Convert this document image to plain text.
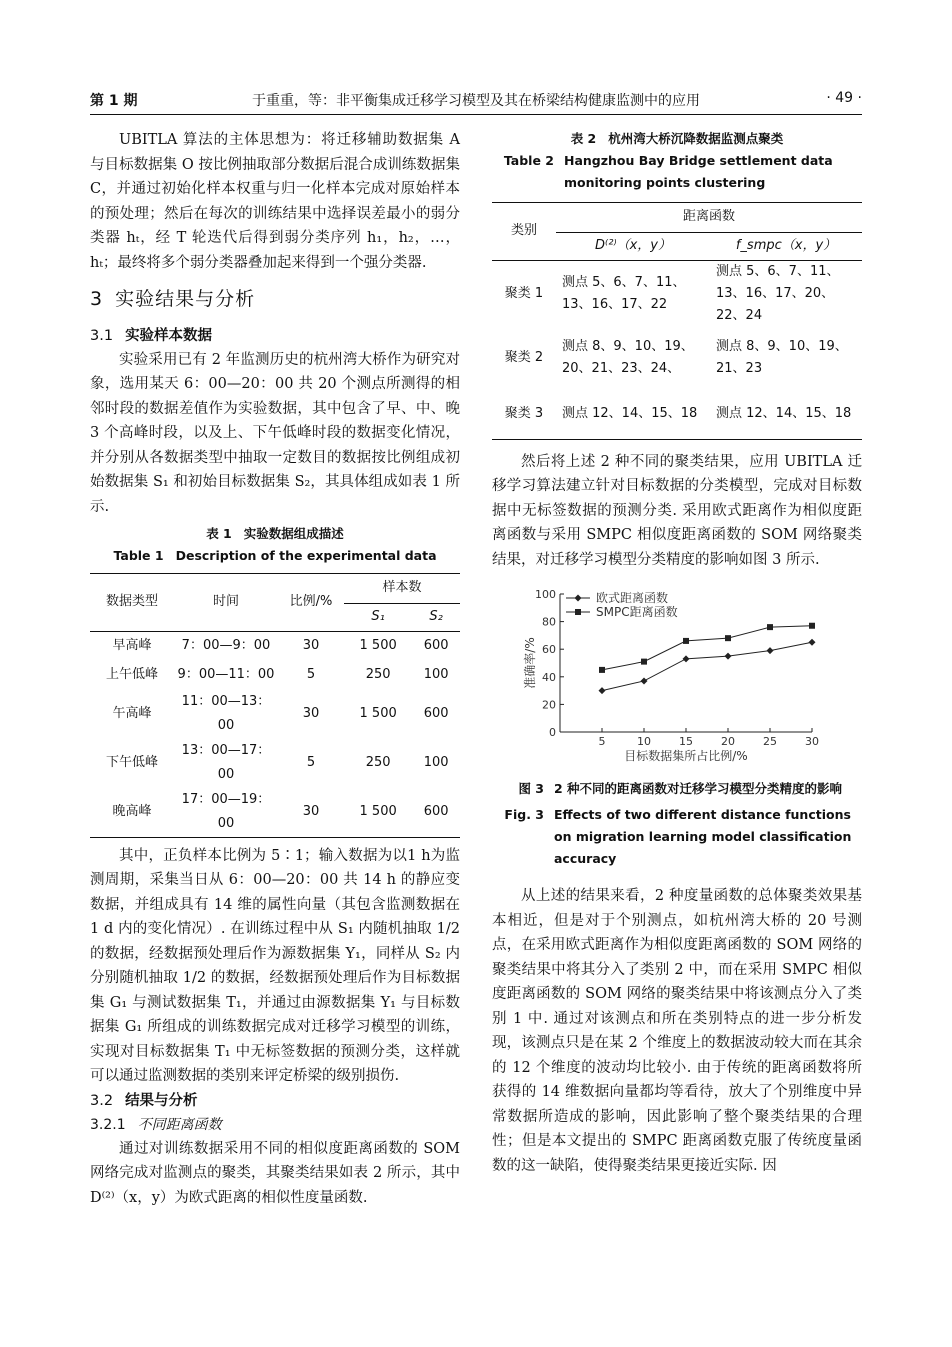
第 1 期	于重重，等：非平衡集成迁移学习模型及其在桥梁结构健康监测中的应用	· 49 ·

UBITLA 算法的主体思想为：将迁移辅助数据集 A 与目标数据集 O 按比例抽取部分数据后混合成训练数据集 C，并通过初始化样本权重与归一化样本完成对原始样本的预处理；然后在每次的训练结果中选择误差最小的弱分类器 hₜ，经 T 轮迭代后得到弱分类序列 h₁，h₂，…，hₜ；最终将多个弱分类器叠加起来得到一个强分类器.

3 实验结果与分析
3.1 实验样本数据

实验采用已有 2 年监测历史的杭州湾大桥作为研究对象，选用某天 6：00—20：00 共 20 个测点所测得的相邻时段的数据差值作为实验数据，其中包含了早、中、晚 3 个高峰时段，以及上、下午低峰时段的数据变化情况，并分别从各数据类型中抽取一定数目的数据按比例组成初始数据集 S₁ 和初始目标数据集 S₂，其具体组成如表 1 所示.

表 1 实验数据组成描述
Table 1 Description of the experimental data
数据类型	时间	比例/%	样本数	
			S₁	S₂
早高峰	7：00—9：00	30	1 500	600
上午低峰	9：00—11：00	5	250	100
午高峰	11：00—13：00	30	1 500	600
下午低峰	13：00—17：00	5	250	100
晚高峰	17：00—19：00	30	1 500	600

其中，正负样本比例为 5∶1；输入数据为以1 h为监测周期，采集当日从 6：00—20：00 共 14 h 的静应变数据，并组成具有 14 维的属性向量（其包含监测数据在 1 d 内的变化情况）. 在训练过程中从 S₁ 内随机抽取 1/2 的数据，经数据预处理后作为源数据集 Y₁，同样从 S₂ 内分别随机抽取 1/2 的数据，经数据预处理后作为目标数据集 G₁ 与测试数据集 T₁，并通过由源数据集 Y₁ 与目标数据集 G₁ 所组成的训练数据完成对迁移学习模型的训练，实现对目标数据集 T₁ 中无标签数据的预测分类，这样就可以通过监测数据的类别来评定桥梁的级别损伤.

3.2 结果与分析
3.2.1 不同距离函数

通过对训练数据采用不同的相似度距离函数的 SOM 网络完成对监测点的聚类，其聚类结果如表 2 所示，其中 D⁽²⁾（x，y）为欧式距离的相似性度量函数.

表 2 杭州湾大桥沉降数据监测点聚类
Table 2 Hangzhou Bay Bridge settlement data monitoring points clustering
类别	距离函数	
	D⁽²⁾（x，y）	f_smpc（x，y）
聚类 1	测点 5、6、7、11、13、16、17、22	测点 5、6、7、11、13、16、17、20、22、24
聚类 2	测点 8、9、10、19、20、21、23、24、	测点 8、9、10、19、21、23
聚类 3	测点 12、14、15、18	测点 12、14、15、18

然后将上述 2 种不同的聚类结果，应用 UBITLA 迁移学习算法建立针对目标数据的分类模型，完成对目标数据中无标签数据的预测分类. 采用欧式距离作为相似度距离函数与采用 SMPC 相似度距离函数的 SOM 网络聚类结果，对迁移学习模型分类精度的影响如图 3 所示.

0
20
40
60
80
100
5	10	15	20	25	30
目标数据集所占比例/%
准确率/%
欧式距离函数
SMPC距离函数
图 3 2 种不同的距离函数对迁移学习模型分类精度的影响
Fig. 3 Effects of two different distance functions on migration learning model classification accuracy

从上述的结果来看，2 种度量函数的总体聚类效果基本相近，但是对于个别测点，如杭州湾大桥的 20 号测点，在采用欧式距离作为相似度距离函数的 SOM 网络的聚类结果中将其分入了类别 2 中，而在采用 SMPC 相似度距离函数的 SOM 网络的聚类结果中将该测点分入了类别 1 中. 通过对该测点和所在类别特点的进一步分析发现，该测点只是在某 2 个维度上的数据波动较大而在其余的 12 个维度的波动均比较小. 由于传统的距离函数将所获得的 14 维数据向量都均等看待，放大了个别维度中异常数据所造成的影响，因此影响了整个聚类结果的合理性；但是本文提出的 SMPC 距离函数克服了传统度量函数的这一缺陷，使得聚类结果更接近实际. 因
